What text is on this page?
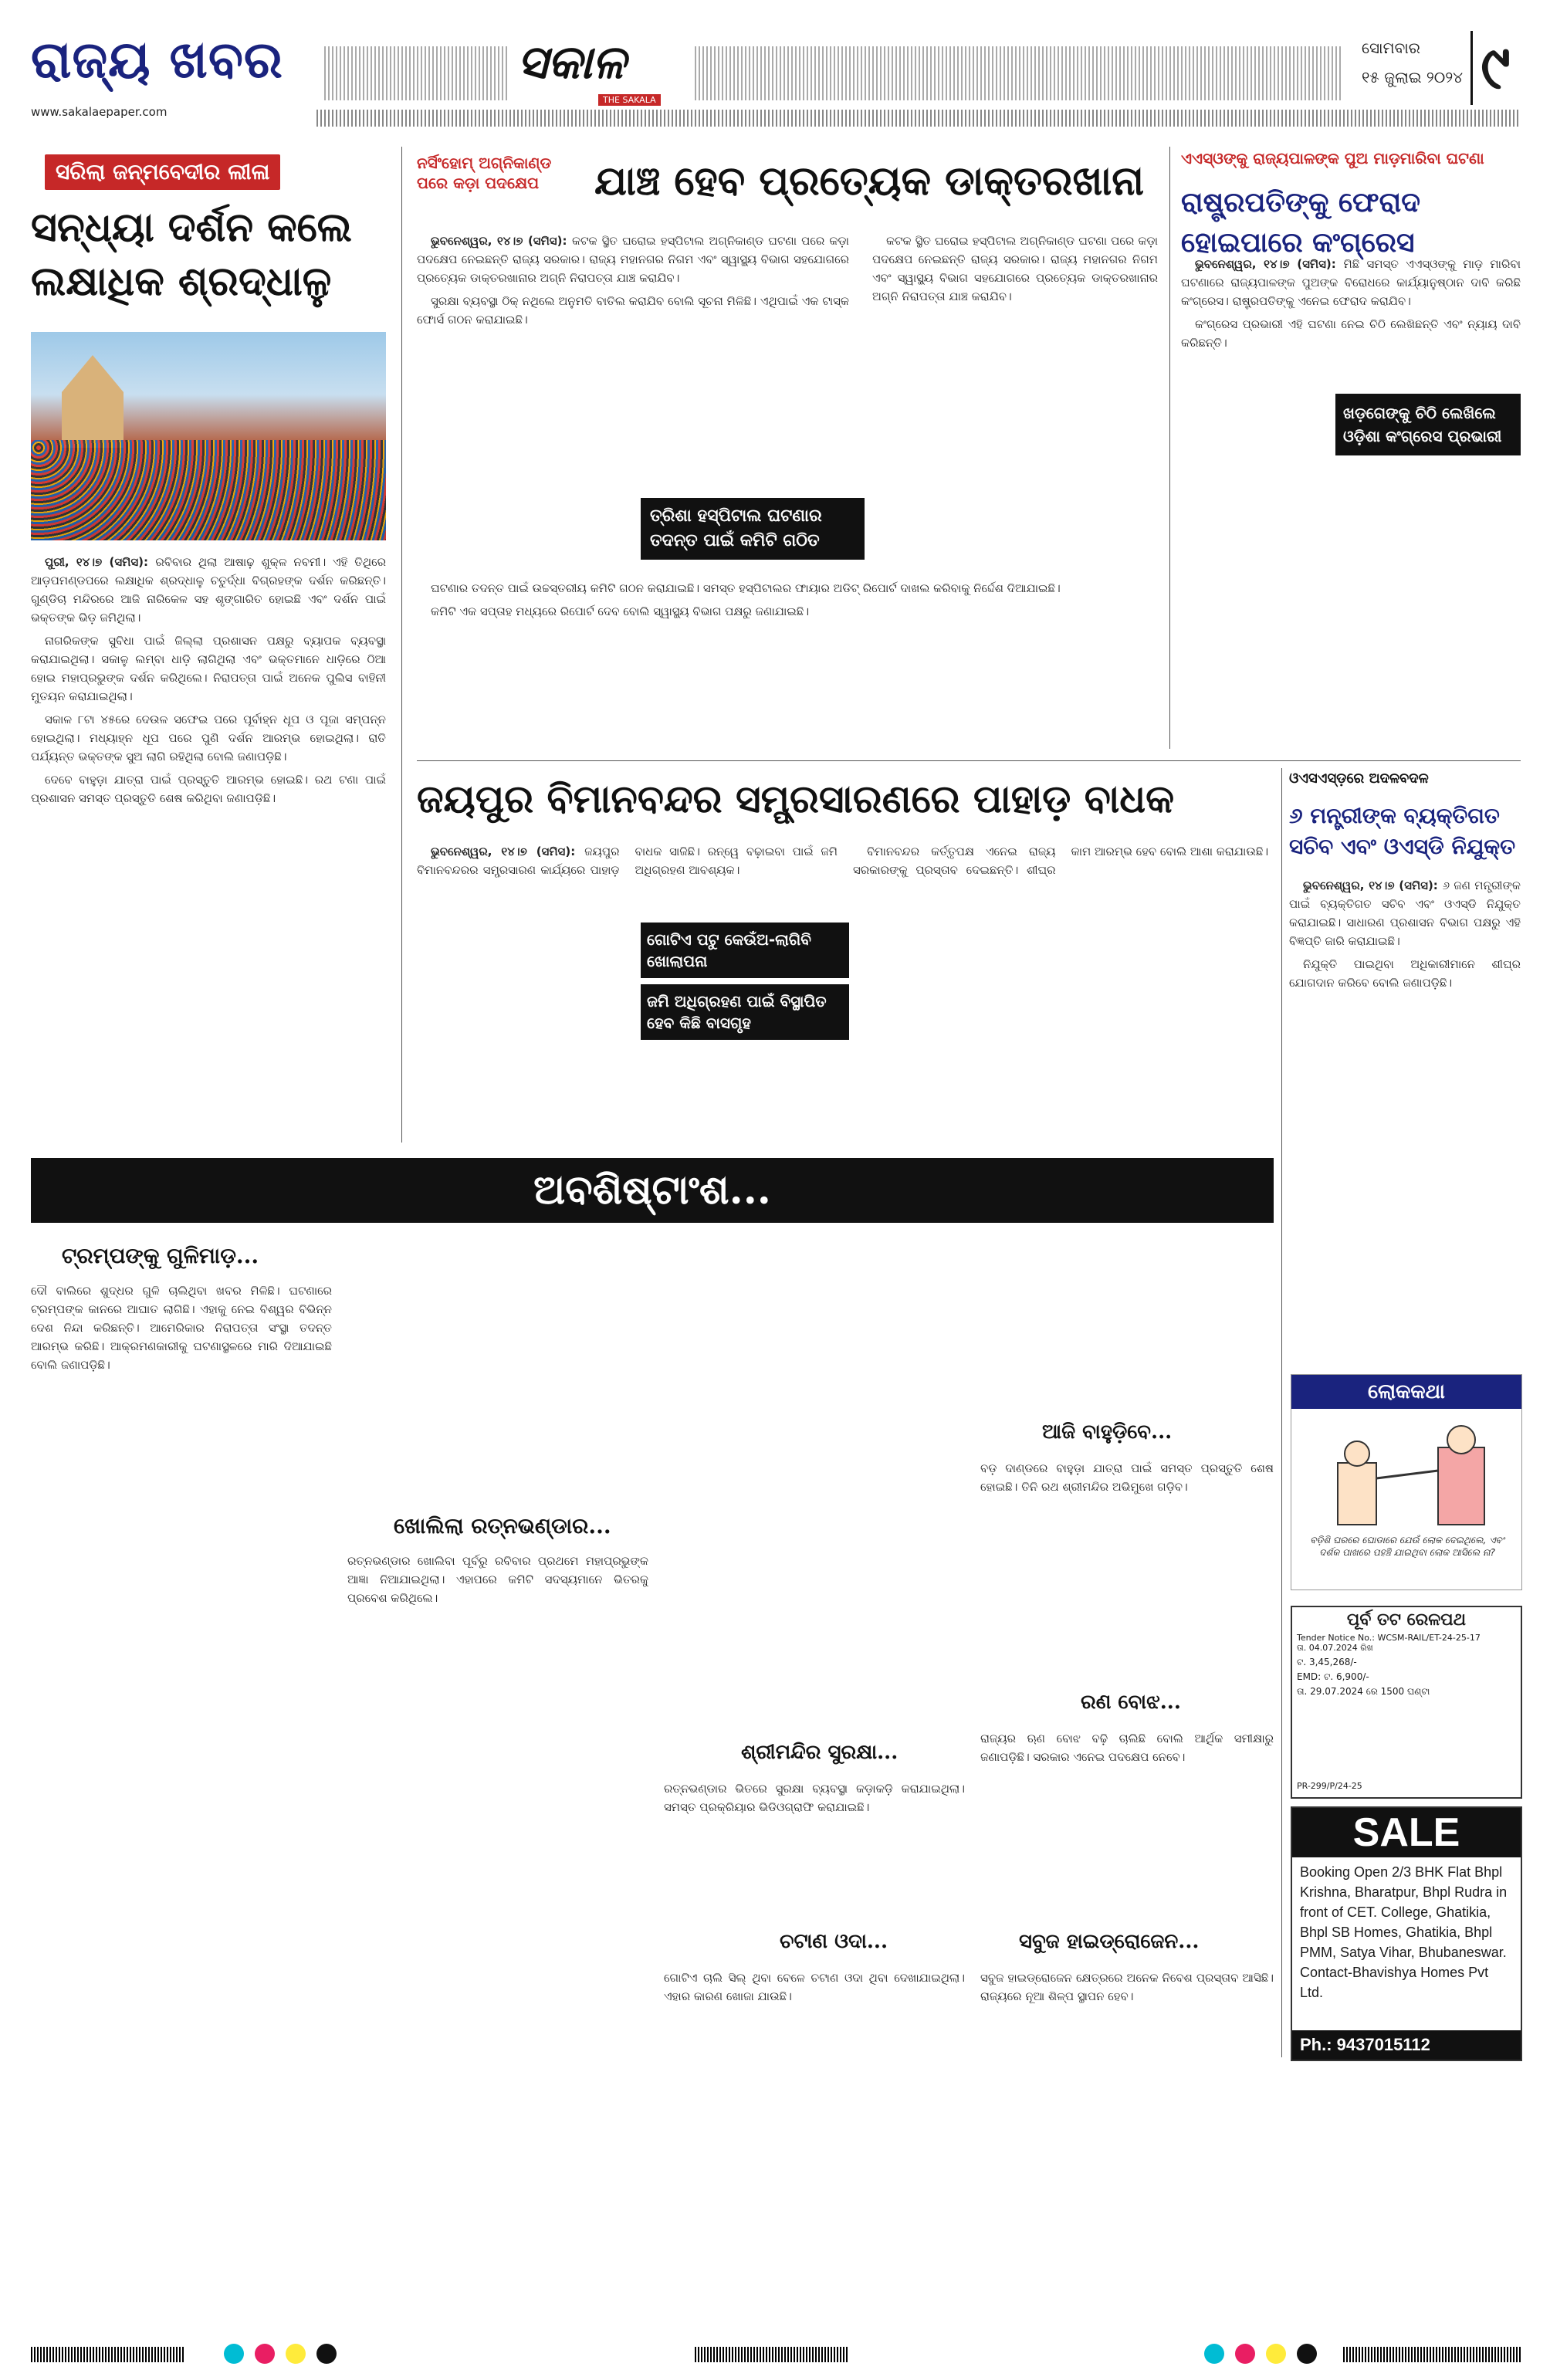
ରାଜ୍ୟ ଖବର
www.sakalaepaper.com
ସକାଳ
THE SAKALA
ସୋମବାର
୧୫ ଜୁଲାଇ ୨୦୨୪ ୯
ସରିଲା ଜନ୍ମବେଦୀର ଲୀଳା
ସନ୍ଧ୍ୟା ଦର୍ଶନ କଲେ ଲକ୍ଷାଧିକ ଶ୍ରଦ୍ଧାଳୁ

ପୁରୀ, ୧୪।୭ (ସମିସ): ରବିବାର ଥିଲା ଆଷାଢ଼ ଶୁକ୍ଳ ନବମୀ। ଏହି ତିଥିରେ ଆଡ଼ପମଣ୍ଡପରେ ଲକ୍ଷାଧିକ ଶ୍ରଦ୍ଧାଳୁ ଚତୁର୍ଦ୍ଧା ବିଗ୍ରହଙ୍କ ଦର୍ଶନ କରିଛନ୍ତି। ଗୁଣ୍ଡିଚା ମନ୍ଦିରରେ ଆଜି ନାରିକେଳ ସହ ଶୃଙ୍ଗାରିତ ହୋଇଛି ଏବଂ ଦର୍ଶନ ପାଇଁ ଭକ୍ତଙ୍କ ଭିଡ଼ ଜମିଥିଲା।

ନାଗରିକଙ୍କ ସୁବିଧା ପାଇଁ ଜିଲ୍ଲା ପ୍ରଶାସନ ପକ୍ଷରୁ ବ୍ୟାପକ ବ୍ୟବସ୍ଥା କରାଯାଇଥିଲା। ସକାଳୁ ଲମ୍ବା ଧାଡ଼ି ଲାଗିଥିଲା ଏବଂ ଭକ୍ତମାନେ ଧାଡ଼ିରେ ଠିଆ ହୋଇ ମହାପ୍ରଭୁଙ୍କ ଦର୍ଶନ କରିଥିଲେ। ନିରାପତ୍ତା ପାଇଁ ଅନେକ ପୁଲିସ ବାହିନୀ ମୁତୟନ କରାଯାଇଥିଲା।

ସକାଳ ୮ଟା ୪୫ରେ ଦେଉଳ ସଫେଇ ପରେ ପୂର୍ବାହ୍ନ ଧୂପ ଓ ପୂଜା ସମ୍ପନ୍ନ ହୋଇଥିଲା। ମଧ୍ୟାହ୍ନ ଧୂପ ପରେ ପୁଣି ଦର୍ଶନ ଆରମ୍ଭ ହୋଇଥିଲା। ରାତି ପର୍ଯ୍ୟନ୍ତ ଭକ୍ତଙ୍କ ସୁଅ ଲାଗି ରହିଥିଲା ବୋଲି ଜଣାପଡ଼ିଛି।

ଦେବେ ବାହୁଡ଼ା ଯାତ୍ରା ପାଇଁ ପ୍ରସ୍ତୁତି ଆରମ୍ଭ ହୋଇଛି। ରଥ ଟଣା ପାଇଁ ପ୍ରଶାସନ ସମସ୍ତ ପ୍ରସ୍ତୁତି ଶେଷ କରିଥିବା ଜଣାପଡ଼ିଛି।

ନର୍ସିଂହୋମ୍ ଅଗ୍ନିକାଣ୍ଡ ପରେ କଡ଼ା ପଦକ୍ଷେପ	ଯାଞ୍ଚ ହେବ ପ୍ରତ୍ୟେକ ଡାକ୍ତରଖାନା

ଭୁବନେଶ୍ୱର, ୧୪।୭ (ସମିସ): କଟକ ସ୍ଥିତ ଘରୋଇ ହସ୍ପିଟାଲ ଅଗ୍ନିକାଣ୍ଡ ଘଟଣା ପରେ କଡ଼ା ପଦକ୍ଷେପ ନେଇଛନ୍ତି ରାଜ୍ୟ ସରକାର। ରାଜ୍ୟ ମହାନଗର ନିଗମ ଏବଂ ସ୍ୱାସ୍ଥ୍ୟ ବିଭାଗ ସହଯୋଗରେ ପ୍ରତ୍ୟେକ ଡାକ୍ତରଖାନାର ଅଗ୍ନି ନିରାପତ୍ତା ଯାଞ୍ଚ କରାଯିବ।

ସୁରକ୍ଷା ବ୍ୟବସ୍ଥା ଠିକ୍ ନଥିଲେ ଅନୁମତି ବାତିଲ କରାଯିବ ବୋଲି ସୂଚନା ମିଳିଛି। ଏଥିପାଇଁ ଏକ ଟାସ୍କ ଫୋର୍ସ ଗଠନ କରାଯାଇଛି।

ତ୍ରିଶା ହସ୍ପିଟାଲ ଘଟଣାର ତଦନ୍ତ ପାଇଁ କମିଟି ଗଠିତ

ଘଟଣାର ତଦନ୍ତ ପାଇଁ ଉଚ୍ଚସ୍ତରୀୟ କମିଟି ଗଠନ କରାଯାଇଛି। ସମସ୍ତ ହସ୍ପିଟାଲର ଫାୟାର ଅଡିଟ୍ ରିପୋର୍ଟ ଦାଖଲ କରିବାକୁ ନିର୍ଦ୍ଦେଶ ଦିଆଯାଇଛି।

କମିଟି ଏକ ସପ୍ତାହ ମଧ୍ୟରେ ରିପୋର୍ଟ ଦେବ ବୋଲି ସ୍ୱାସ୍ଥ୍ୟ ବିଭାଗ ପକ୍ଷରୁ ଜଣାଯାଇଛି।

କଟକ ସ୍ଥିତ ଘରୋଇ ହସ୍ପିଟାଲ ଅଗ୍ନିକାଣ୍ଡ ଘଟଣା ପରେ କଡ଼ା ପଦକ୍ଷେପ ନେଇଛନ୍ତି ରାଜ୍ୟ ସରକାର। ରାଜ୍ୟ ମହାନଗର ନିଗମ ଏବଂ ସ୍ୱାସ୍ଥ୍ୟ ବିଭାଗ ସହଯୋଗରେ ପ୍ରତ୍ୟେକ ଡାକ୍ତରଖାନାର ଅଗ୍ନି ନିରାପତ୍ତା ଯାଞ୍ଚ କରାଯିବ।

ଏଏସ୍ଓଙ୍କୁ ରାଜ୍ୟପାଳଙ୍କ ପୁଅ ମାଡ଼ମାରିବା ଘଟଣା
ରାଷ୍ଟ୍ରପତିଙ୍କୁ ଫେରାଦ ହୋଇପାରେ କଂଗ୍ରେସ

ଭୁବନେଶ୍ୱର, ୧୪।୭ (ସମିସ): ମିଛି ସମସ୍ତ ଏଏସ୍ଓଙ୍କୁ ମାଡ଼ ମାରିବା ଘଟଣାରେ ରାଜ୍ୟପାଳଙ୍କ ପୁଅଙ୍କ ବିରୋଧରେ କାର୍ଯ୍ୟାନୁଷ୍ଠାନ ଦାବି କରିଛି କଂଗ୍ରେସ। ରାଷ୍ଟ୍ରପତିଙ୍କୁ ଏନେଇ ଫେରାଦ କରାଯିବ।

କଂଗ୍ରେସ ପ୍ରଭାରୀ ଏହି ଘଟଣା ନେଇ ଚିଠି ଲେଖିଛନ୍ତି ଏବଂ ନ୍ୟାୟ ଦାବି କରିଛନ୍ତି।

ଖଡ଼ଗେଙ୍କୁ ଚିଠି ଲେଖିଲେ ଓଡ଼ିଶା କଂଗ୍ରେସ ପ୍ରଭାରୀ
ଜୟପୁର ବିମାନବନ୍ଦର ସମ୍ପ୍ରସାରଣରେ ପାହାଡ଼ ବାଧକ

ଭୁବନେଶ୍ୱର, ୧୪।୭ (ସମିସ): ଜୟପୁର ବିମାନବନ୍ଦରର ସମ୍ପ୍ରସାରଣ କାର୍ଯ୍ୟରେ ପାହାଡ଼ ବାଧକ ସାଜିଛି। ରନ୍‌ୱେ ବଢ଼ାଇବା ପାଇଁ ଜମି ଅଧିଗ୍ରହଣ ଆବଶ୍ୟକ।

ବିମାନବନ୍ଦର କର୍ତ୍ତୃପକ୍ଷ ଏନେଇ ରାଜ୍ୟ ସରକାରଙ୍କୁ ପ୍ରସ୍ତାବ ଦେଇଛନ୍ତି। ଶୀଘ୍ର କାମ ଆରମ୍ଭ ହେବ ବୋଲି ଆଶା କରାଯାଉଛି।

ଗୋଟିଏ ପଟୁ କେଉଁଅ-ଲାଗିବି ଖୋଲାପନା
ଜମି ଅଧିଗ୍ରହଣ ପାଇଁ ବିସ୍ଥାପିତ ହେବ କିଛି ବାସଗୃହ
ଓଏସଏସ୍‌ଡ଼ରେ ଅଦଳବଦଳ
୬ ମନ୍ତ୍ରୀଙ୍କ ବ୍ୟକ୍ତିଗତ ସଚିବ ଏବଂ ଓଏସ୍‌ଡି ନିଯୁକ୍ତ

ଭୁବନେଶ୍ୱର, ୧୪।୭ (ସମିସ): ୬ ଜଣ ମନ୍ତ୍ରୀଙ୍କ ପାଇଁ ବ୍ୟକ୍ତିଗତ ସଚିବ ଏବଂ ଓଏସ୍‌ଡି ନିଯୁକ୍ତ କରାଯାଇଛି। ସାଧାରଣ ପ୍ରଶାସନ ବିଭାଗ ପକ୍ଷରୁ ଏହି ବିଜ୍ଞପ୍ତି ଜାରି କରାଯାଇଛି।

ନିଯୁକ୍ତି ପାଇଥିବା ଅଧିକାରୀମାନେ ଶୀଘ୍ର ଯୋଗଦାନ କରିବେ ବୋଲି ଜଣାପଡ଼ିଛି।

ଅବଶିଷ୍ଟାଂଶ...
ଟ୍ରମ୍ପଙ୍କୁ ଗୁଳିମାଡ଼...
ଦୌ ବାଲିରେ ଶୁଦ୍ଧର ଗୁଳି ଚାଲିଥିବା ଖବର ମିଳିଛି। ଘଟଣାରେ ଟ୍ରମ୍ପଙ୍କ କାନରେ ଆଘାତ ଲାଗିଛି। ଏହାକୁ ନେଇ ବିଶ୍ୱର ବିଭିନ୍ନ ଦେଶ ନିନ୍ଦା କରିଛନ୍ତି। ଆମେରିକାର ନିରାପତ୍ତା ସଂସ୍ଥା ତଦନ୍ତ ଆରମ୍ଭ କରିଛି। ଆକ୍ରମଣକାରୀକୁ ଘଟଣାସ୍ଥଳରେ ମାରି ଦିଆଯାଇଛି ବୋଲି ଜଣାପଡ଼ିଛି।
ଖୋଲିଲା ରତ୍ନଭଣ୍ଡାର...
ରତ୍ନଭଣ୍ଡାର ଖୋଲିବା ପୂର୍ବରୁ ରବିବାର ପ୍ରଥମେ ମହାପ୍ରଭୁଙ୍କ ଆଜ୍ଞା ନିଆଯାଇଥିଲା। ଏହାପରେ କମିଟି ସଦସ୍ୟମାନେ ଭିତରକୁ ପ୍ରବେଶ କରିଥିଲେ।
ଶ୍ରୀମନ୍ଦିର ସୁରକ୍ଷା...
ରତ୍ନଭଣ୍ଡାର ଭିତରେ ସୁରକ୍ଷା ବ୍ୟବସ୍ଥା କଡ଼ାକଡ଼ି କରାଯାଇଥିଲା। ସମସ୍ତ ପ୍ରକ୍ରିୟାର ଭିଡିଓଗ୍ରାଫି କରାଯାଇଛି।
ଚଟାଣ ଓଦା...
ଗୋଟିଏ ଚାଲି ସିଲ୍ ଥିବା ବେଳେ ଚଟାଣ ଓଦା ଥିବା ଦେଖାଯାଇଥିଲା। ଏହାର କାରଣ ଖୋଜା ଯାଉଛି।
ଆଜି ବାହୁଡ଼ିବେ...
ବଡ଼ ଦାଣ୍ଡରେ ବାହୁଡ଼ା ଯାତ୍ରା ପାଇଁ ସମସ୍ତ ପ୍ରସ୍ତୁତି ଶେଷ ହୋଇଛି। ତିନି ରଥ ଶ୍ରୀମନ୍ଦିର ଅଭିମୁଖେ ଗଡ଼ିବ।
ରଣ ବୋଝ...
ରାଜ୍ୟର ଋଣ ବୋଝ ବଢ଼ି ଚାଲିଛି ବୋଲି ଆର୍ଥିକ ସମୀକ୍ଷାରୁ ଜଣାପଡ଼ିଛି। ସରକାର ଏନେଇ ପଦକ୍ଷେପ ନେବେ।
ସବୁଜ ହାଇଡ୍ରୋଜେନ...
ସବୁଜ ହାଇଡ୍ରୋଜେନ କ୍ଷେତ୍ରରେ ଅନେକ ନିବେଶ ପ୍ରସ୍ତାବ ଆସିଛି। ରାଜ୍ୟରେ ନୂଆ ଶିଳ୍ପ ସ୍ଥାପନ ହେବ।
ଲୋକକଥା
ବଡ଼ିଶି ଘରରେ ଘୋଡାରେ ଯେଉଁ ଲୋକ ଦେଇଥିଲେ, ଏବଂ ଦର୍ଶକ ପାଖରେ ପହଞ୍ଚି ଯାଇଥିବା ଲୋକ ଆସିଲେ ନା?
ପୂର୍ବ ତଟ ରେଳପଥ
Tender Notice No.: WCSM-RAIL/ET-24-25-17
ତା. 04.07.2024 ରିଖ
ଟ. 3,45,268/-
EMD: ଟ. 6,900/-
ତା. 29.07.2024 ରେ 1500 ଘଣ୍ଟା
PR-299/P/24-25
SALE
Booking Open 2/3 BHK Flat Bhpl Krishna, Bharatpur, Bhpl Rudra in front of CET. College, Ghatikia, Bhpl SB Homes, Ghatikia, Bhpl PMM, Satya Vihar, Bhubaneswar. Contact-Bhavishya Homes Pvt Ltd.
Ph.: 9437015112
